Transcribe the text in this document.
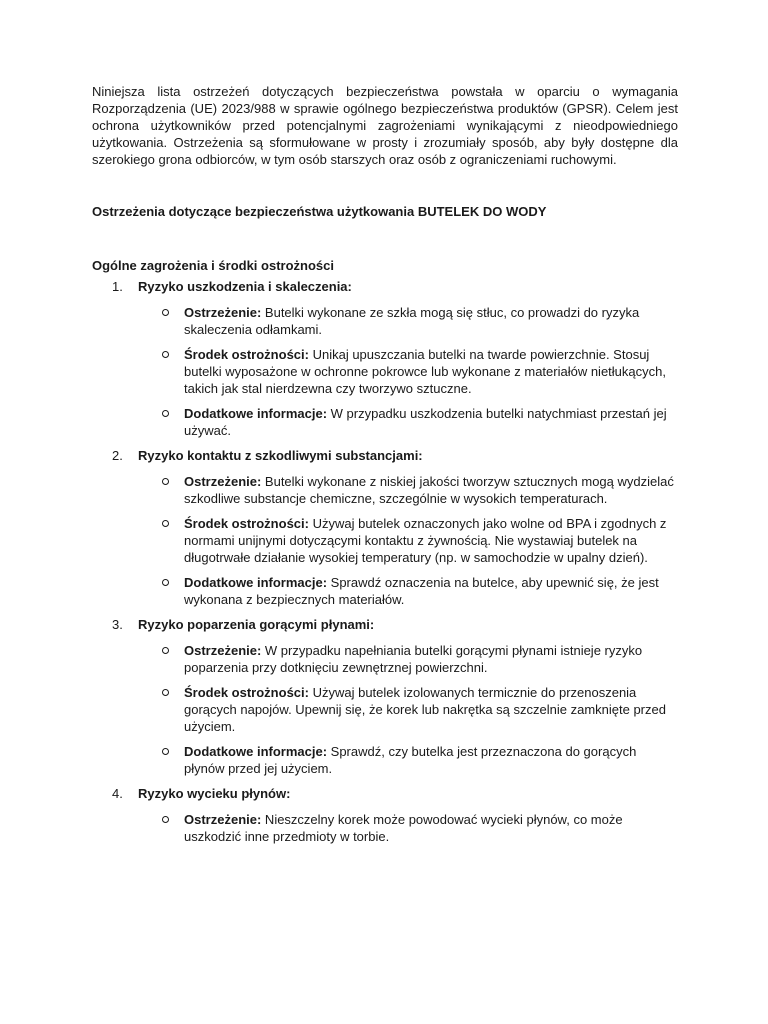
Niniejsza lista ostrzeżeń dotyczących bezpieczeństwa powstała w oparciu o wymagania Rozporządzenia (UE) 2023/988 w sprawie ogólnego bezpieczeństwa produktów (GPSR). Celem jest ochrona użytkowników przed potencjalnymi zagrożeniami wynikającymi z nieodpowiedniego użytkowania. Ostrzeżenia są sformułowane w prosty i zrozumiały sposób, aby były dostępne dla szerokiego grona odbiorców, w tym osób starszych oraz osób z ograniczeniami ruchowymi.

Ostrzeżenia dotyczące bezpieczeństwa użytkowania BUTELEK DO WODY
Ogólne zagrożenia i środki ostrożności
1. Ryzyko uszkodzenia i skaleczenia:
Ostrzeżenie: Butelki wykonane ze szkła mogą się stłuc, co prowadzi do ryzyka skaleczenia odłamkami.
Środek ostrożności: Unikaj upuszczania butelki na twarde powierzchnie. Stosuj butelki wyposażone w ochronne pokrowce lub wykonane z materiałów nietłukących, takich jak stal nierdzewna czy tworzywo sztuczne.
Dodatkowe informacje: W przypadku uszkodzenia butelki natychmiast przestań jej używać.
2. Ryzyko kontaktu z szkodliwymi substancjami:
Ostrzeżenie: Butelki wykonane z niskiej jakości tworzyw sztucznych mogą wydzielać szkodliwe substancje chemiczne, szczególnie w wysokich temperaturach.
Środek ostrożności: Używaj butelek oznaczonych jako wolne od BPA i zgodnych z normami unijnymi dotyczącymi kontaktu z żywnością. Nie wystawiaj butelek na długotrwałe działanie wysokiej temperatury (np. w samochodzie w upalny dzień).
Dodatkowe informacje: Sprawdź oznaczenia na butelce, aby upewnić się, że jest wykonana z bezpiecznych materiałów.
3. Ryzyko poparzenia gorącymi płynami:
Ostrzeżenie: W przypadku napełniania butelki gorącymi płynami istnieje ryzyko poparzenia przy dotknięciu zewnętrznej powierzchni.
Środek ostrożności: Używaj butelek izolowanych termicznie do przenoszenia gorących napojów. Upewnij się, że korek lub nakrętka są szczelnie zamknięte przed użyciem.
Dodatkowe informacje: Sprawdź, czy butelka jest przeznaczona do gorących płynów przed jej użyciem.
4. Ryzyko wycieku płynów:
Ostrzeżenie: Nieszczelny korek może powodować wycieki płynów, co może uszkodzić inne przedmioty w torbie.
